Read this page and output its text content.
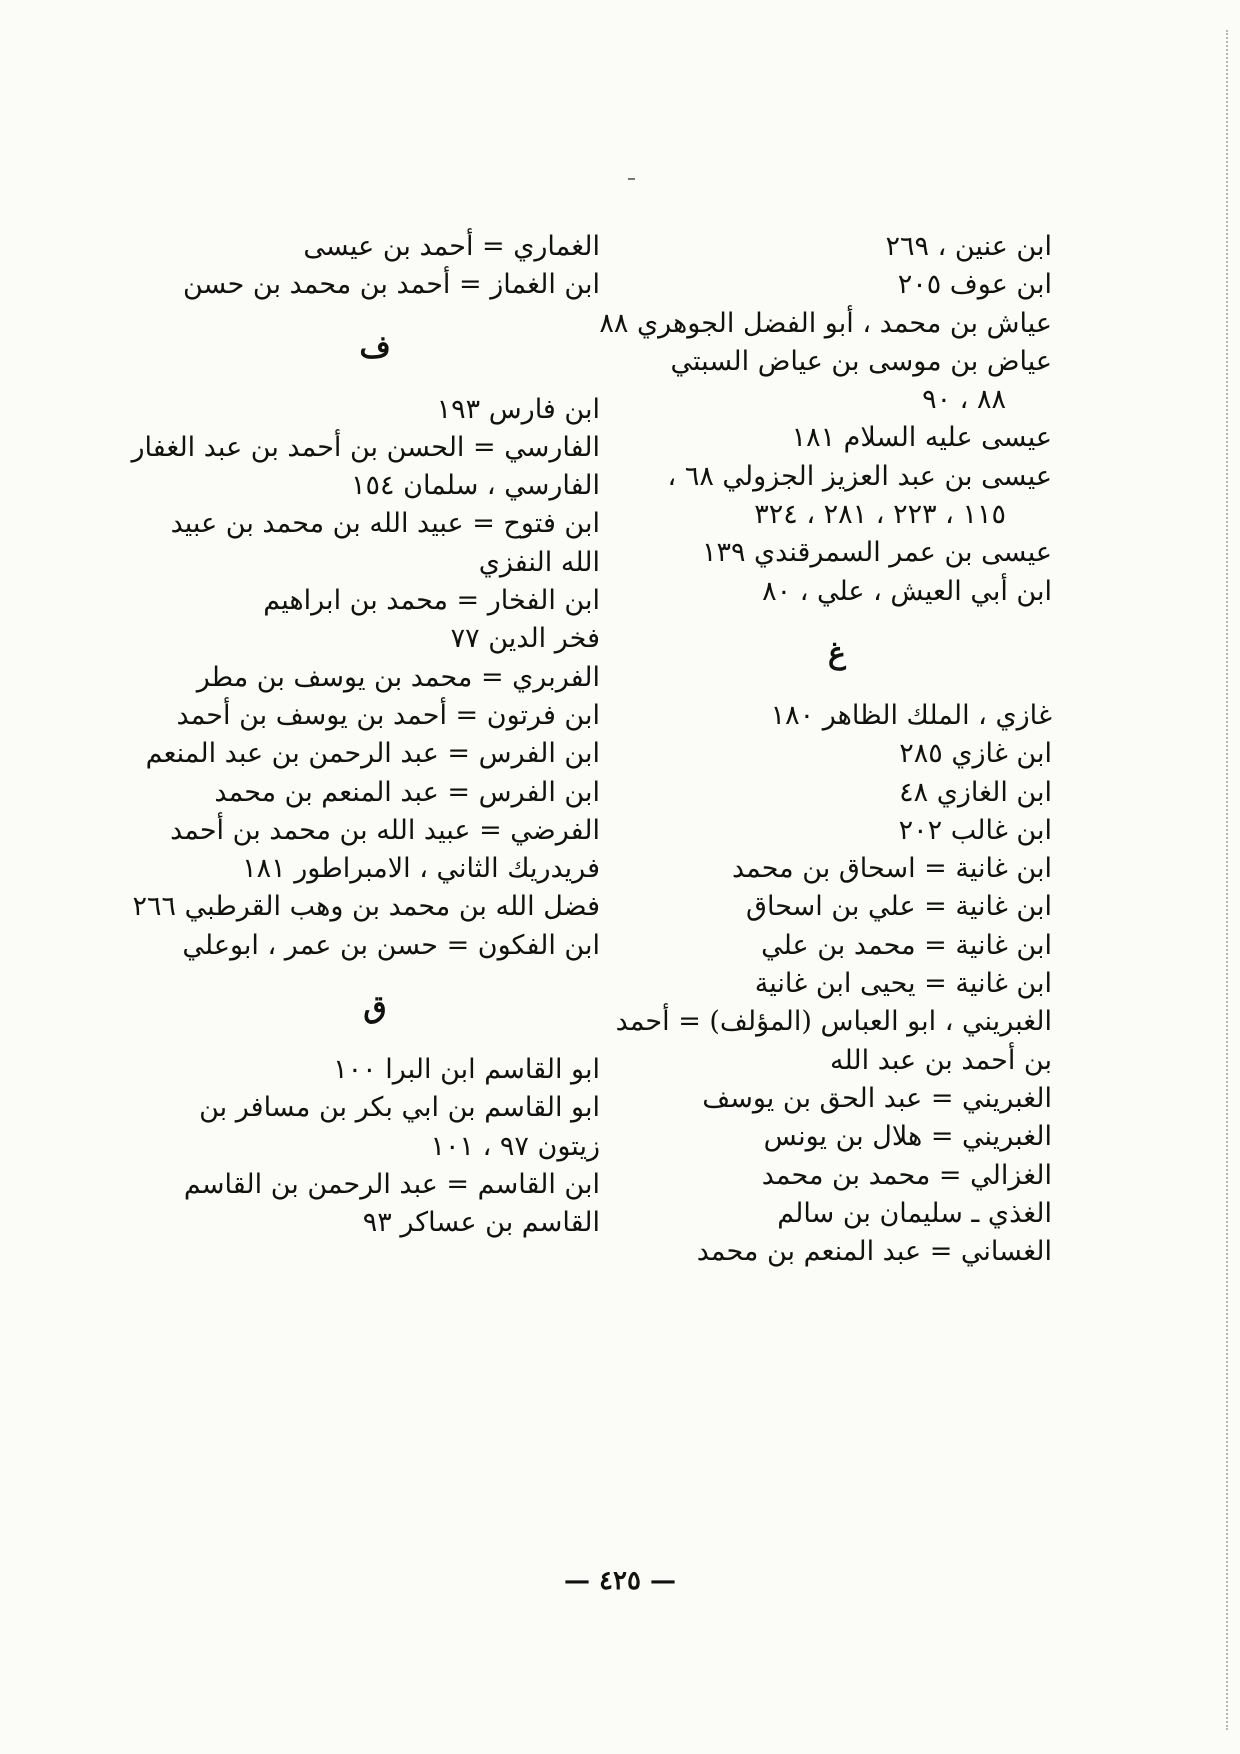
ابن عنين ، ٢٦٩
ابن عوف ٢٠٥
عياش بن محمد ، أبو الفضل الجوهري ٨٨
عياض بن موسى بن عياض السبتي
٨٨ ، ٩٠
عيسى عليه السلام ١٨١
عيسى بن عبد العزيز الجزولي ٦٨ ،
١١٥ ، ٢٢٣ ، ٢٨١ ، ٣٢٤
عيسى بن عمر السمرقندي ١٣٩
ابن أبي العيش ، علي ، ٨٠
غ
غازي ، الملك الظاهر ١٨٠
ابن غازي ٢٨٥
ابن الغازي ٤٨
ابن غالب ٢٠٢
ابن غانية = اسحاق بن محمد
ابن غانية = علي بن اسحاق
ابن غانية = محمد بن علي
ابن غانية = يحيى ابن غانية
الغبريني ، ابو العباس (المؤلف) = أحمد
بن أحمد بن عبد الله
الغبريني = عبد الحق بن يوسف
الغبريني = هلال بن يونس
الغزالي = محمد بن محمد
الغذي ـ سليمان بن سالم
الغساني = عبد المنعم بن محمد
الغماري = أحمد بن عيسى
ابن الغماز = أحمد بن محمد بن حسن
ف
ابن فارس ١٩٣
الفارسي = الحسن بن أحمد بن عبد الغفار
الفارسي ، سلمان ١٥٤
ابن فتوح = عبيد الله بن محمد بن عبيد
الله النفزي
ابن الفخار = محمد بن ابراهيم
فخر الدين ٧٧
الفربري = محمد بن يوسف بن مطر
ابن فرتون = أحمد بن يوسف بن أحمد
ابن الفرس = عبد الرحمن بن عبد المنعم
ابن الفرس = عبد المنعم بن محمد
الفرضي = عبيد الله بن محمد بن أحمد
فريدريك الثاني ، الامبراطور ١٨١
فضل الله بن محمد بن وهب القرطبي ٢٦٦
ابن الفكون = حسن بن عمر ، ابوعلي
ق
ابو القاسم ابن البرا ١٠٠
ابو القاسم بن ابي بكر بن مسافر بن
زيتون ٩٧ ، ١٠١
ابن القاسم = عبد الرحمن بن القاسم
القاسم بن عساكر ٩٣
— ٤٢٥ —
